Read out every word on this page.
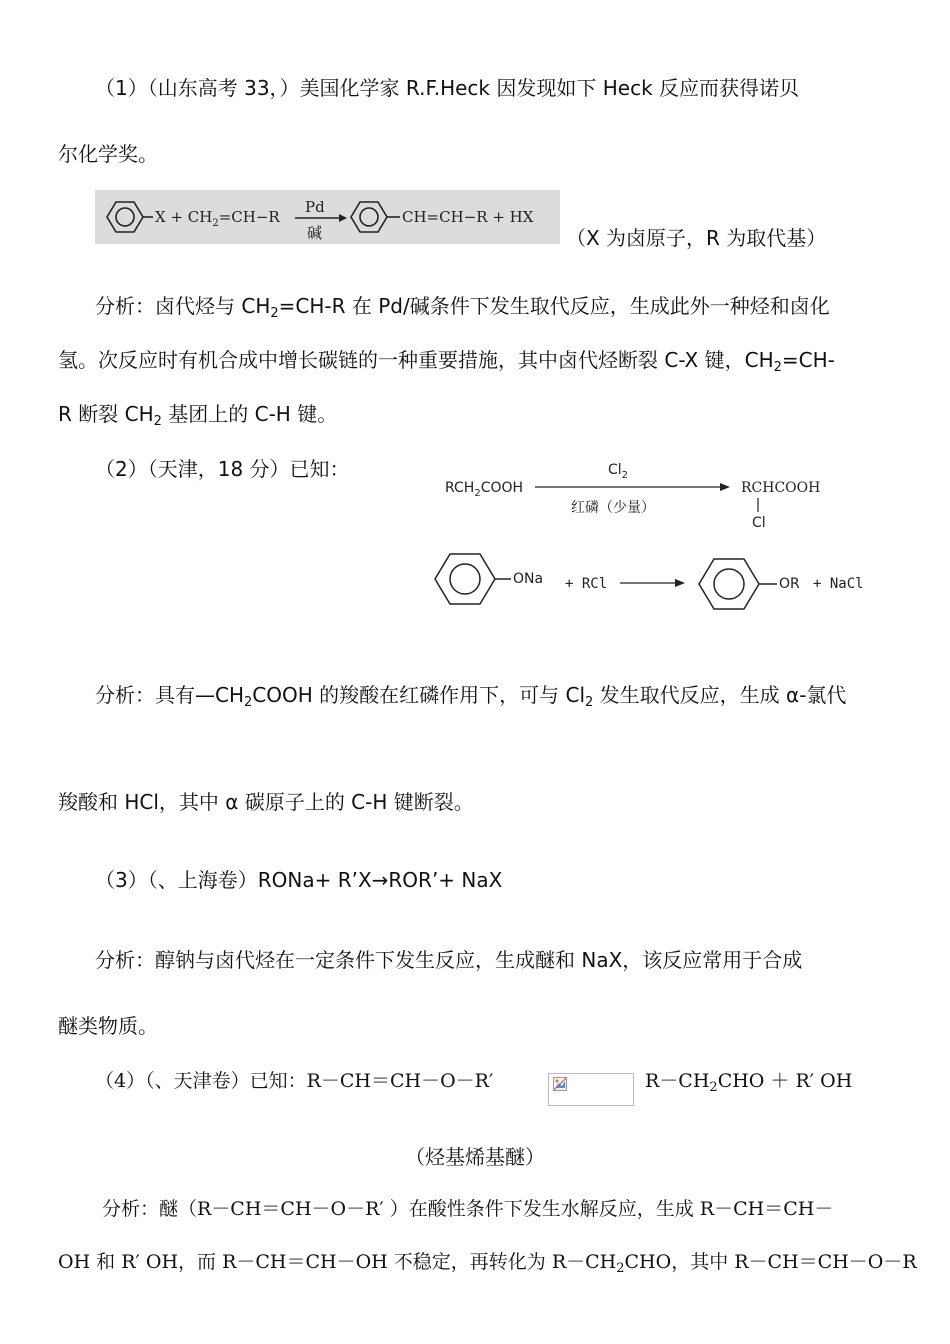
（1）（山东高考 33，）美国化学家 R.F.Heck 因发现如下 Heck 反应而获得诺贝
尔化学奖。
$X + CH_2=CH-R$
Pd
碱
CH=CH−R + HX
（X 为卤原子，R 为取代基）
分析：卤代烃与 $CH_2=CH-R$ 在 Pd/碱条件下发生取代反应，生成此外一种烃和卤化
氢。次反应时有机合成中增长碳链的一种重要措施，其中卤代烃断裂 C-X 键，$CH_2=CH-$
R 断裂 $CH_2$ 基团上的 C-H 键。
（2）（天津，18 分）已知：
$RCH_2COOH$
$Cl_2$
红磷（少量）
RCHCOOH
Cl
ONa + RCl	OR + NaCl
分析：具有$—CH_2COOH$ 的羧酸在红磷作用下，可与 $Cl_2$ 发生取代反应，生成 α-氯代
羧酸和 HCl，其中 α 碳原子上的 C-H 键断裂。
（3）（、上海卷）RONa+ R’X→ROR’+ NaX
分析：醇钠与卤代烃在一定条件下发生反应，生成醚和 NaX，该反应常用于合成
醚类物质。
（4）（、天津卷）已知：R－CH＝CH－O－R′	$R-CH_2CHO + R'$ OH
（烃基烯基醚）
分析：醚（R－CH＝CH－O－R′ ）在酸性条件下发生水解反应，生成 R－CH＝CH－
OH 和 R′ OH，而 R－CH＝CH－OH 不稳定，再转化为 $R-CH_2CHO$，其中 R－CH＝CH－O－R
